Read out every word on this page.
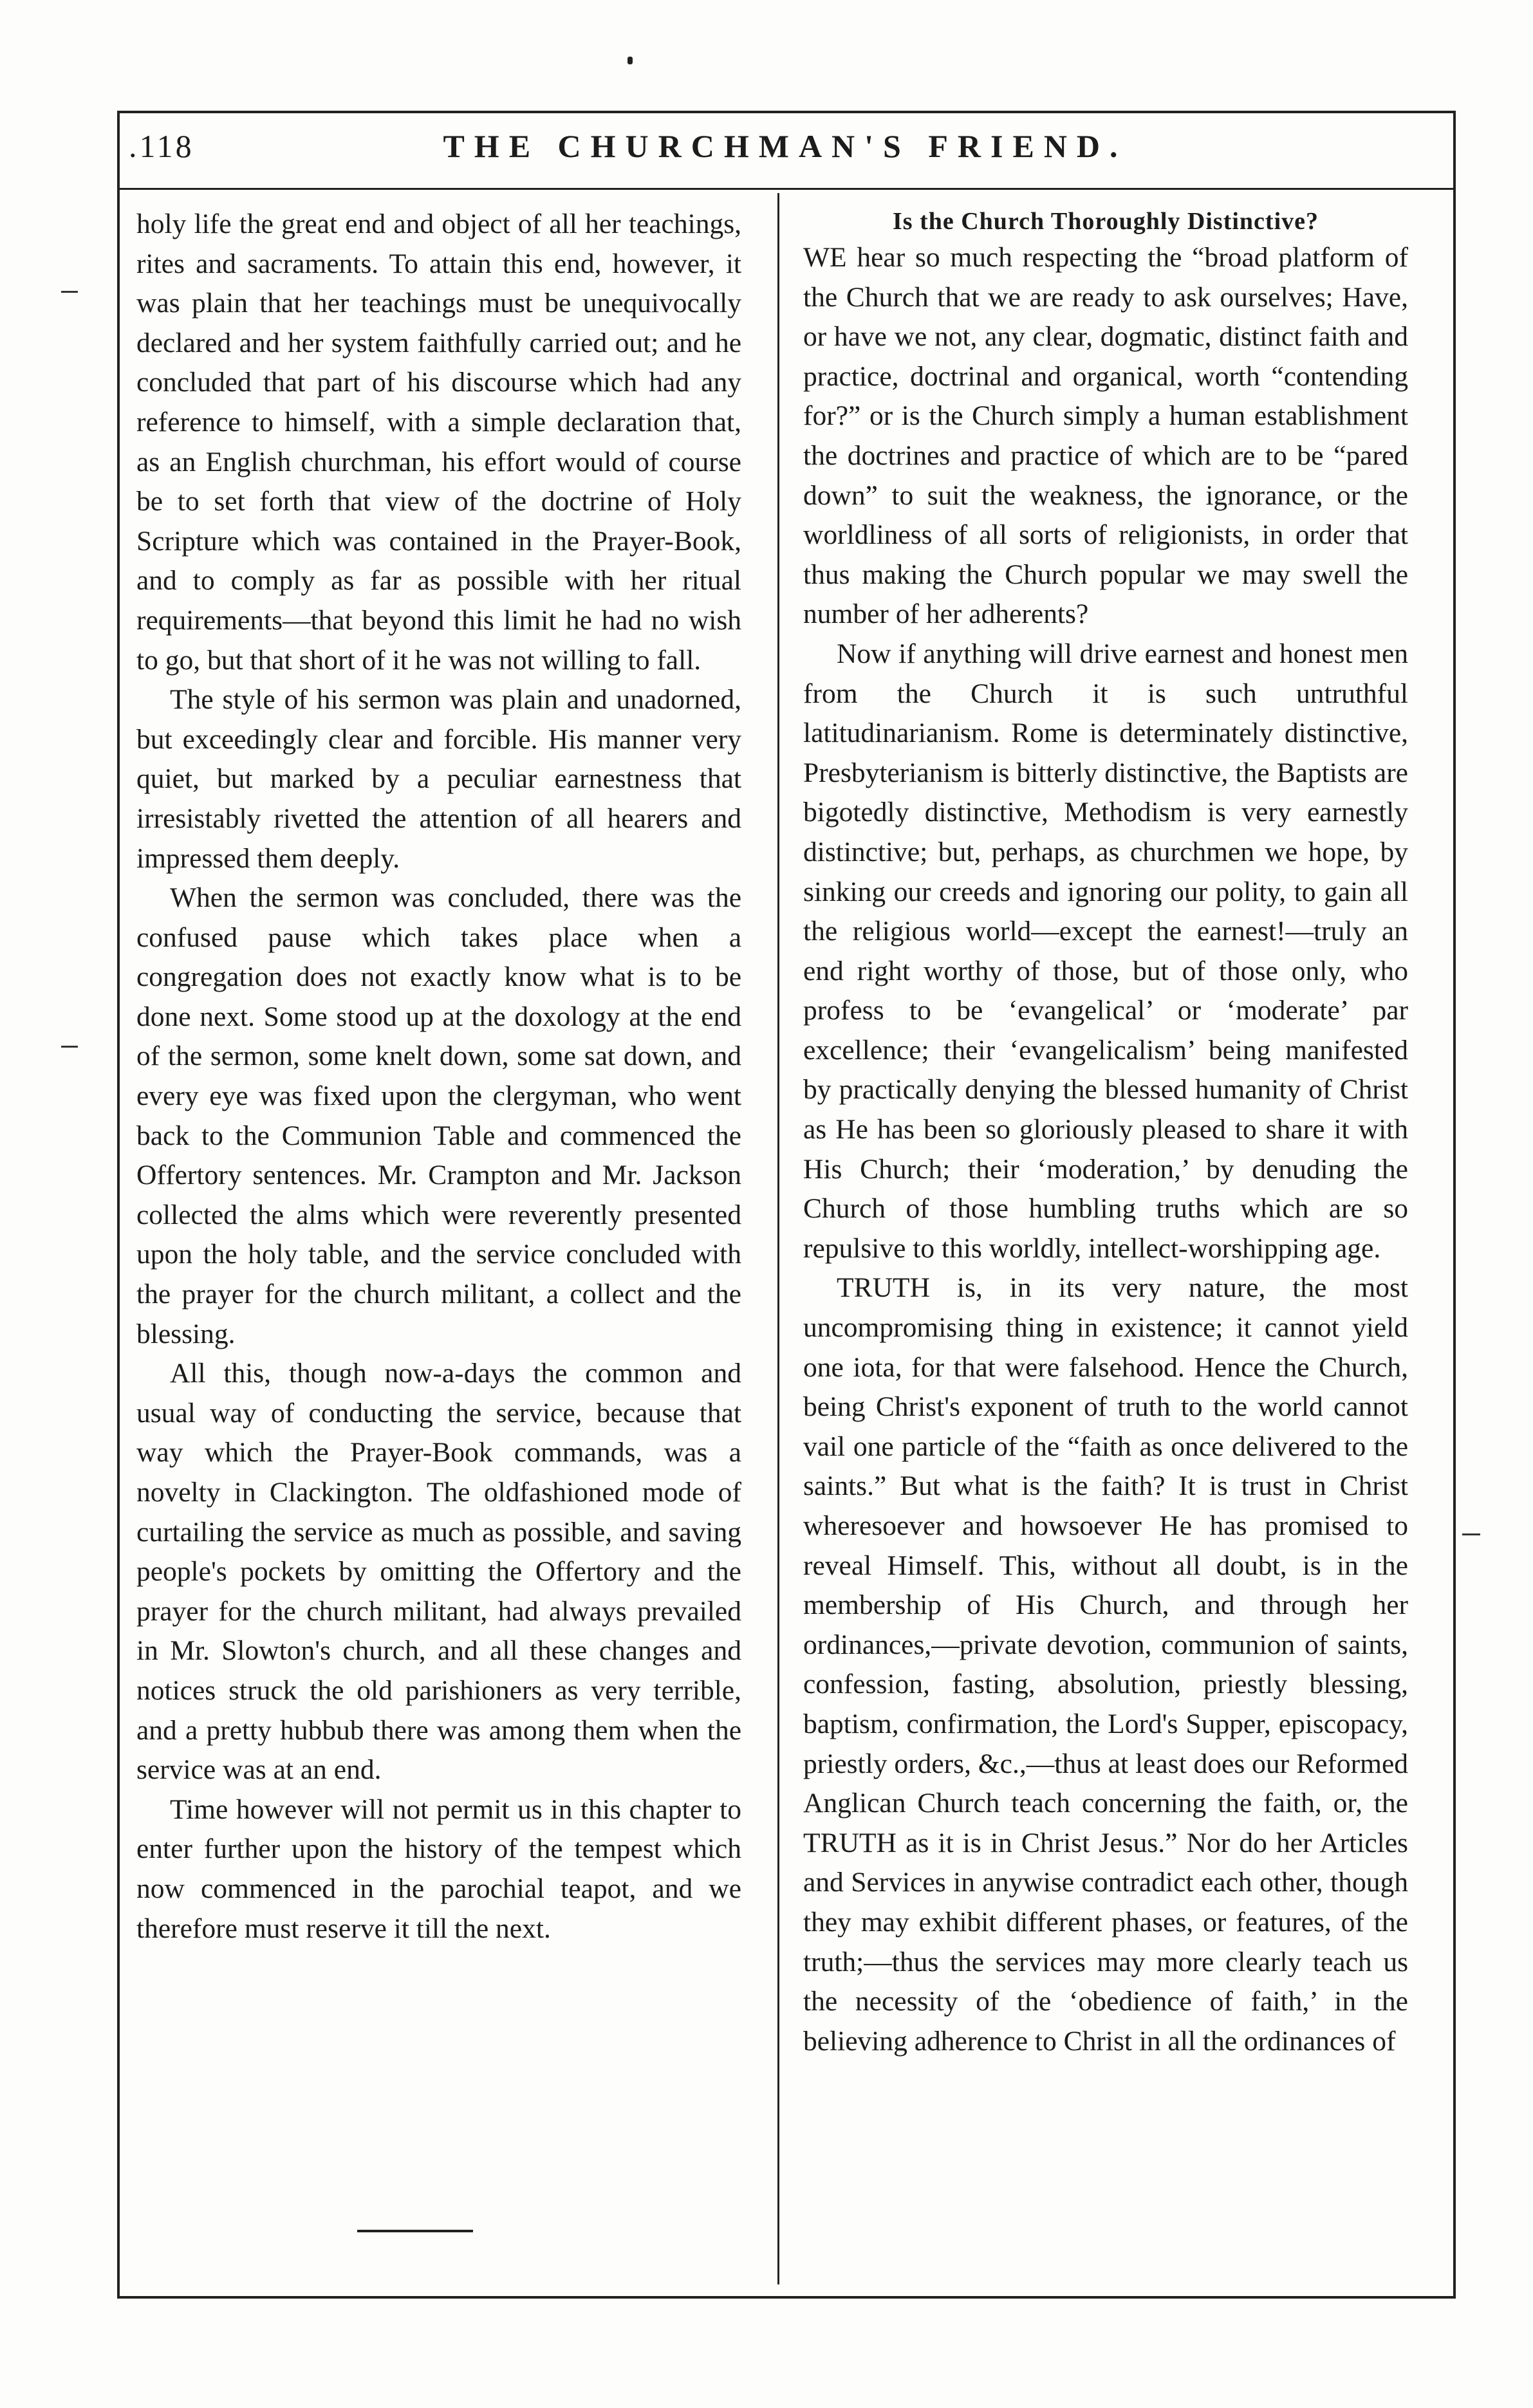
.118	THE CHURCHMAN'S FRIEND.

holy life the great end and object of all her teachings, rites and sacraments. To attain this end, however, it was plain that her teachings must be unequivocally declared and her system faithfully carried out; and he concluded that part of his discourse which had any reference to himself, with a simple declaration that, as an English churchman, his effort would of course be to set forth that view of the doctrine of Holy Scripture which was contained in the Prayer-Book, and to comply as far as possible with her ritual requirements—that beyond this limit he had no wish to go, but that short of it he was not willing to fall.

The style of his sermon was plain and unadorned, but exceedingly clear and forcible. His manner very quiet, but marked by a peculiar earnestness that irresistably rivetted the attention of all hearers and impressed them deeply.

When the sermon was concluded, there was the confused pause which takes place when a congregation does not exactly know what is to be done next. Some stood up at the doxology at the end of the sermon, some knelt down, some sat down, and every eye was fixed upon the clergyman, who went back to the Communion Table and commenced the Offertory sentences. Mr. Crampton and Mr. Jackson collected the alms which were reverently presented upon the holy table, and the service concluded with the prayer for the church militant, a collect and the blessing.

All this, though now-a-days the common and usual way of conducting the service, because that way which the Prayer-Book commands, was a novelty in Clackington. The oldfashioned mode of curtailing the service as much as possible, and saving people's pockets by omitting the Offertory and the prayer for the church militant, had always prevailed in Mr. Slowton's church, and all these changes and notices struck the old parishioners as very terrible, and a pretty hubbub there was among them when the service was at an end.

Time however will not permit us in this chapter to enter further upon the history of the tempest which now commenced in the parochial teapot, and we therefore must reserve it till the next.

Is the Church Thoroughly Distinctive?

WE hear so much respecting the “broad platform of the Church that we are ready to ask ourselves; Have, or have we not, any clear, dogmatic, distinct faith and practice, doctrinal and organical, worth “contending for?” or is the Church simply a human establishment the doctrines and practice of which are to be “pared down” to suit the weakness, the ignorance, or the worldliness of all sorts of religionists, in order that thus making the Church popular we may swell the number of her adherents?

Now if anything will drive earnest and honest men from the Church it is such untruthful latitudinarianism. Rome is determinately distinctive, Presbyterianism is bitterly distinctive, the Baptists are bigotedly distinctive, Methodism is very earnestly distinctive; but, perhaps, as churchmen we hope, by sinking our creeds and ignoring our polity, to gain all the religious world—except the earnest!—truly an end right worthy of those, but of those only, who profess to be ‘evangelical’ or ‘moderate’ par excellence; their ‘evangelicalism’ being manifested by practically denying the blessed humanity of Christ as He has been so gloriously pleased to share it with His Church; their ‘moderation,’ by denuding the Church of those humbling truths which are so repulsive to this worldly, intellect-worshipping age.

TRUTH is, in its very nature, the most uncompromising thing in existence; it cannot yield one iota, for that were falsehood. Hence the Church, being Christ's exponent of truth to the world cannot vail one particle of the “faith as once delivered to the saints.” But what is the faith? It is trust in Christ wheresoever and howsoever He has promised to reveal Himself. This, without all doubt, is in the membership of His Church, and through her ordinances,—private devotion, communion of saints, confession, fasting, absolution, priestly blessing, baptism, confirmation, the Lord's Supper, episcopacy, priestly orders, &c.,—thus at least does our Reformed Anglican Church teach concerning the faith, or, the TRUTH as it is in Christ Jesus.” Nor do her Articles and Services in anywise contradict each other, though they may exhibit different phases, or features, of the truth;—thus the services may more clearly teach us the necessity of the ‘obedience of faith,’ in the believing adherence to Christ in all the ordinances of
